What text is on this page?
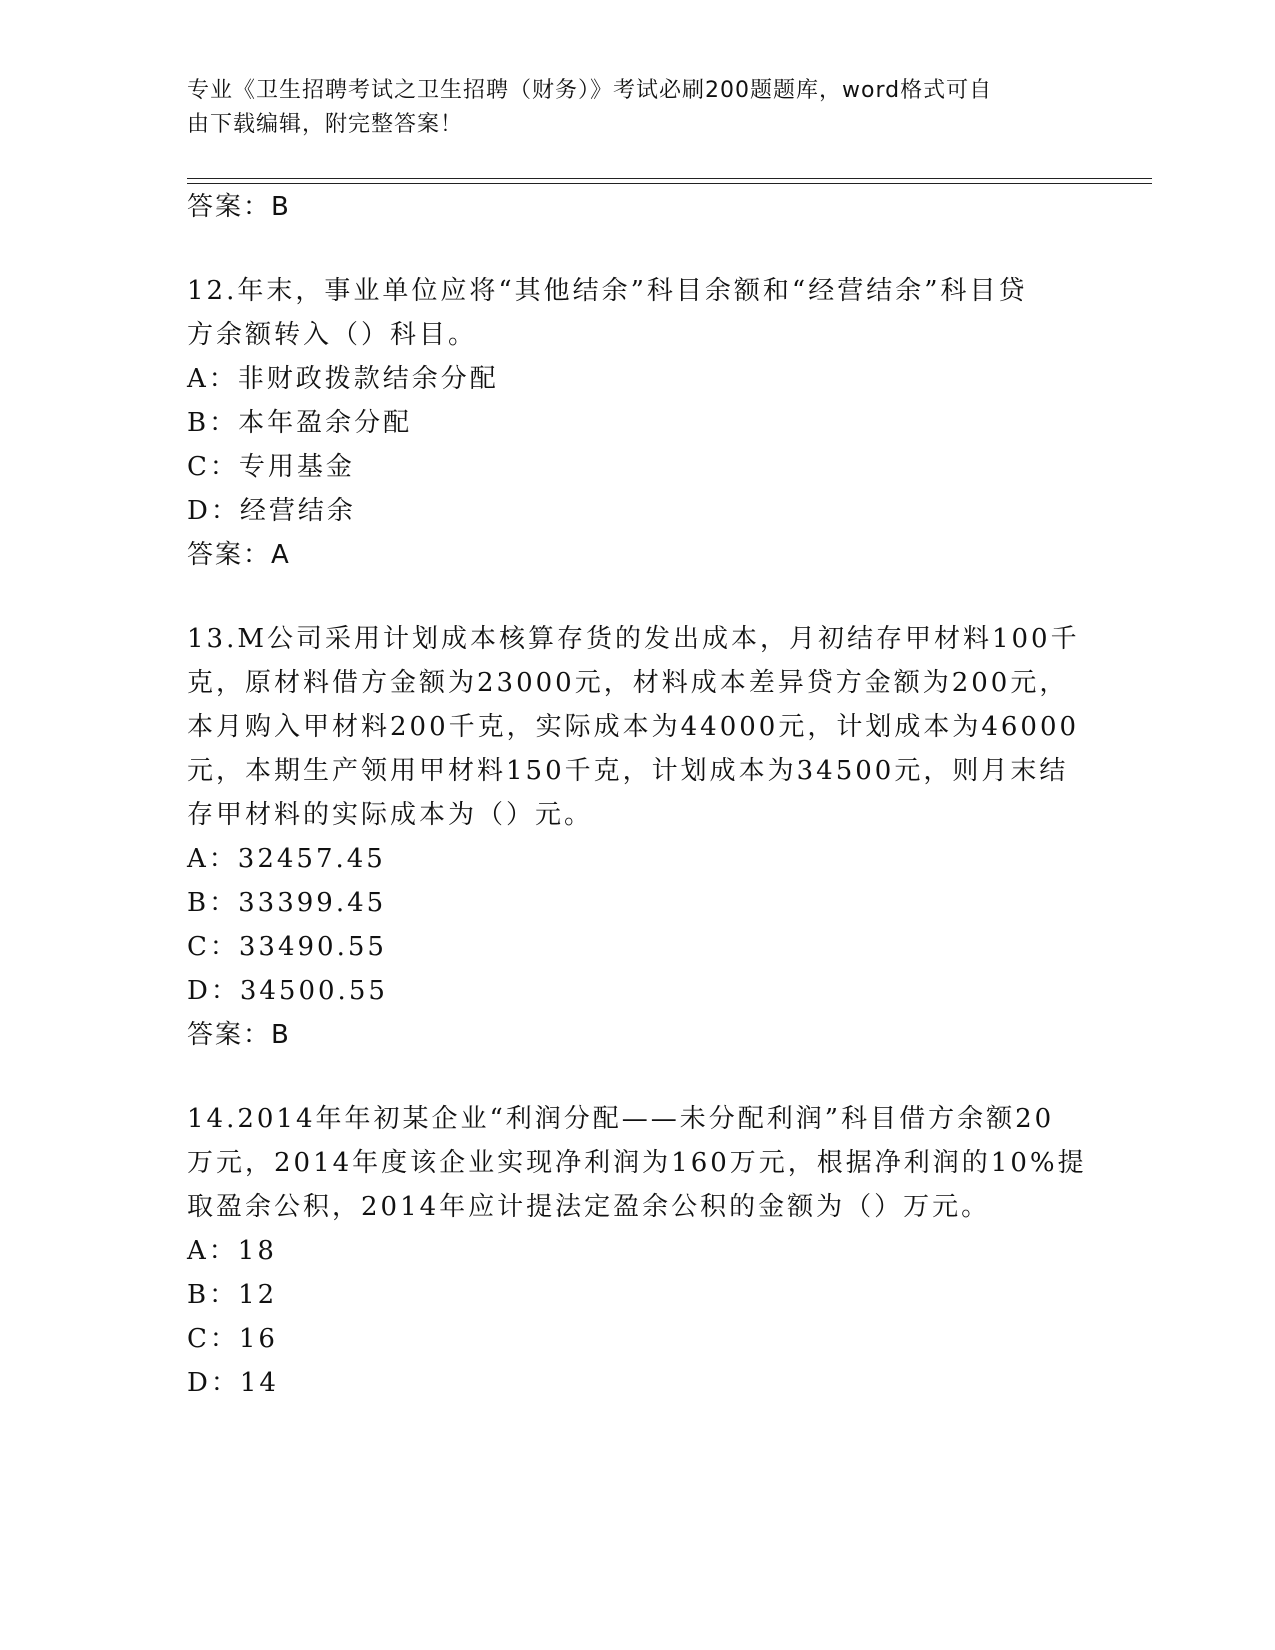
专业《卫生招聘考试之卫生招聘（财务）》考试必刷200题题库，word格式可自
由下载编辑，附完整答案！
答案：B
12.年末，事业单位应将“其他结余”科目余额和“经营结余”科目贷
方余额转入（）科目。
A：非财政拨款结余分配
B：本年盈余分配
C：专用基金
D：经营结余
答案：A
13.M公司采用计划成本核算存货的发出成本，月初结存甲材料100千
克，原材料借方金额为23000元，材料成本差异贷方金额为200元，
本月购入甲材料200千克，实际成本为44000元，计划成本为46000
元，本期生产领用甲材料150千克，计划成本为34500元，则月末结
存甲材料的实际成本为（）元。
A：32457.45
B：33399.45
C：33490.55
D：34500.55
答案：B
14.2014年年初某企业“利润分配——未分配利润”科目借方余额20
万元，2014年度该企业实现净利润为160万元，根据净利润的10%提
取盈余公积，2014年应计提法定盈余公积的金额为（）万元。
A：18
B：12
C：16
D：14
